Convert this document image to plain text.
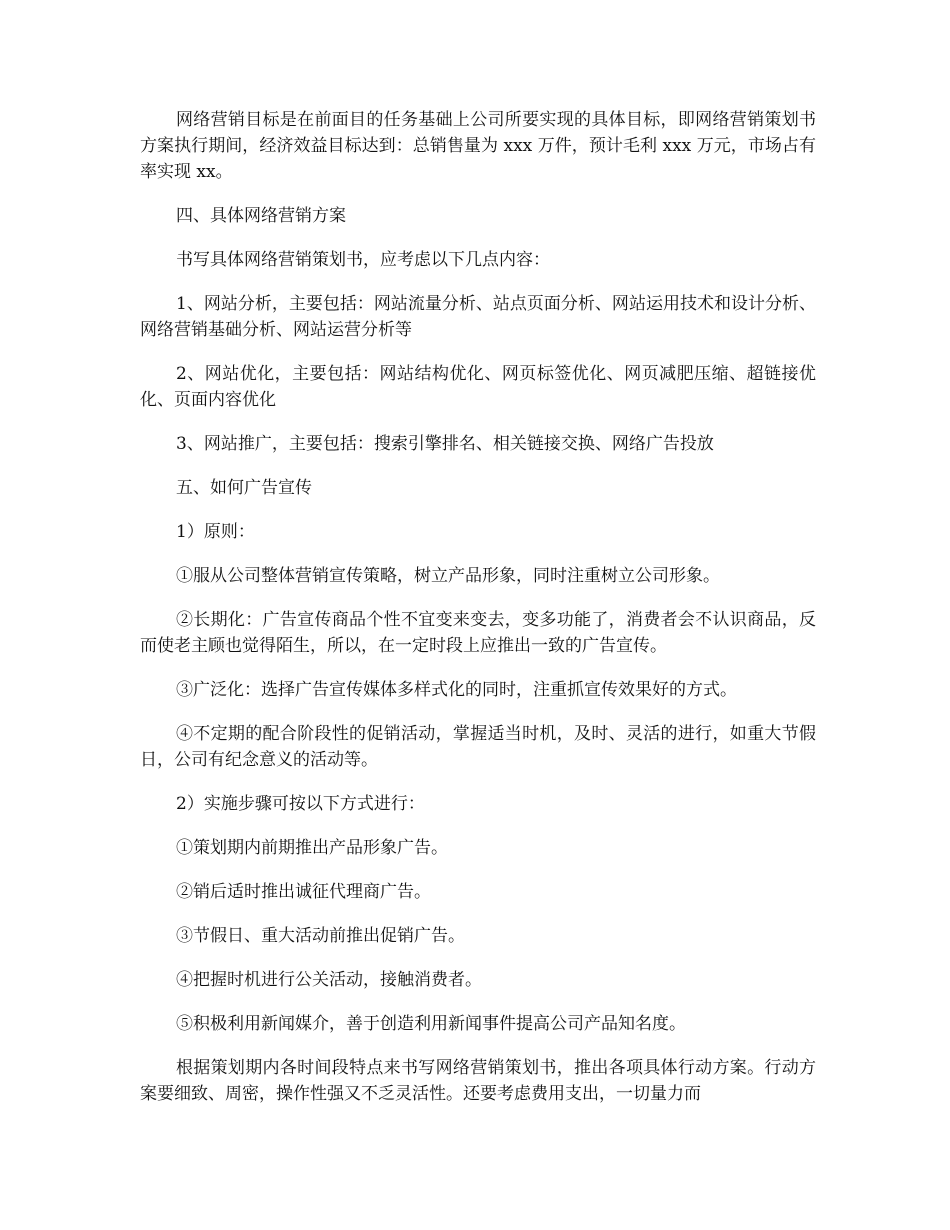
网络营销目标是在前面目的任务基础上公司所要实现的具体目标，即网络营销策划书方案执行期间，经济效益目标达到：总销售量为 xxx 万件，预计毛利 xxx 万元，市场占有率实现 xx。

四、具体网络营销方案

书写具体网络营销策划书，应考虑以下几点内容：

1、网站分析，主要包括：网站流量分析、站点页面分析、网站运用技术和设计分析、网络营销基础分析、网站运营分析等

2、网站优化，主要包括：网站结构优化、网页标签优化、网页减肥压缩、超链接优化、页面内容优化

3、网站推广，主要包括：搜索引擎排名、相关链接交换、网络广告投放

五、如何广告宣传

1）原则：

①服从公司整体营销宣传策略，树立产品形象，同时注重树立公司形象。

②长期化：广告宣传商品个性不宜变来变去，变多功能了，消费者会不认识商品，反而使老主顾也觉得陌生，所以，在一定时段上应推出一致的广告宣传。

③广泛化：选择广告宣传媒体多样式化的同时，注重抓宣传效果好的方式。

④不定期的配合阶段性的促销活动，掌握适当时机，及时、灵活的进行，如重大节假日，公司有纪念意义的活动等。

2）实施步骤可按以下方式进行：

①策划期内前期推出产品形象广告。

②销后适时推出诚征代理商广告。

③节假日、重大活动前推出促销广告。

④把握时机进行公关活动，接触消费者。

⑤积极利用新闻媒介，善于创造利用新闻事件提高公司产品知名度。

根据策划期内各时间段特点来书写网络营销策划书，推出各项具体行动方案。行动方案要细致、周密，操作性强又不乏灵活性。还要考虑费用支出，一切量力而
